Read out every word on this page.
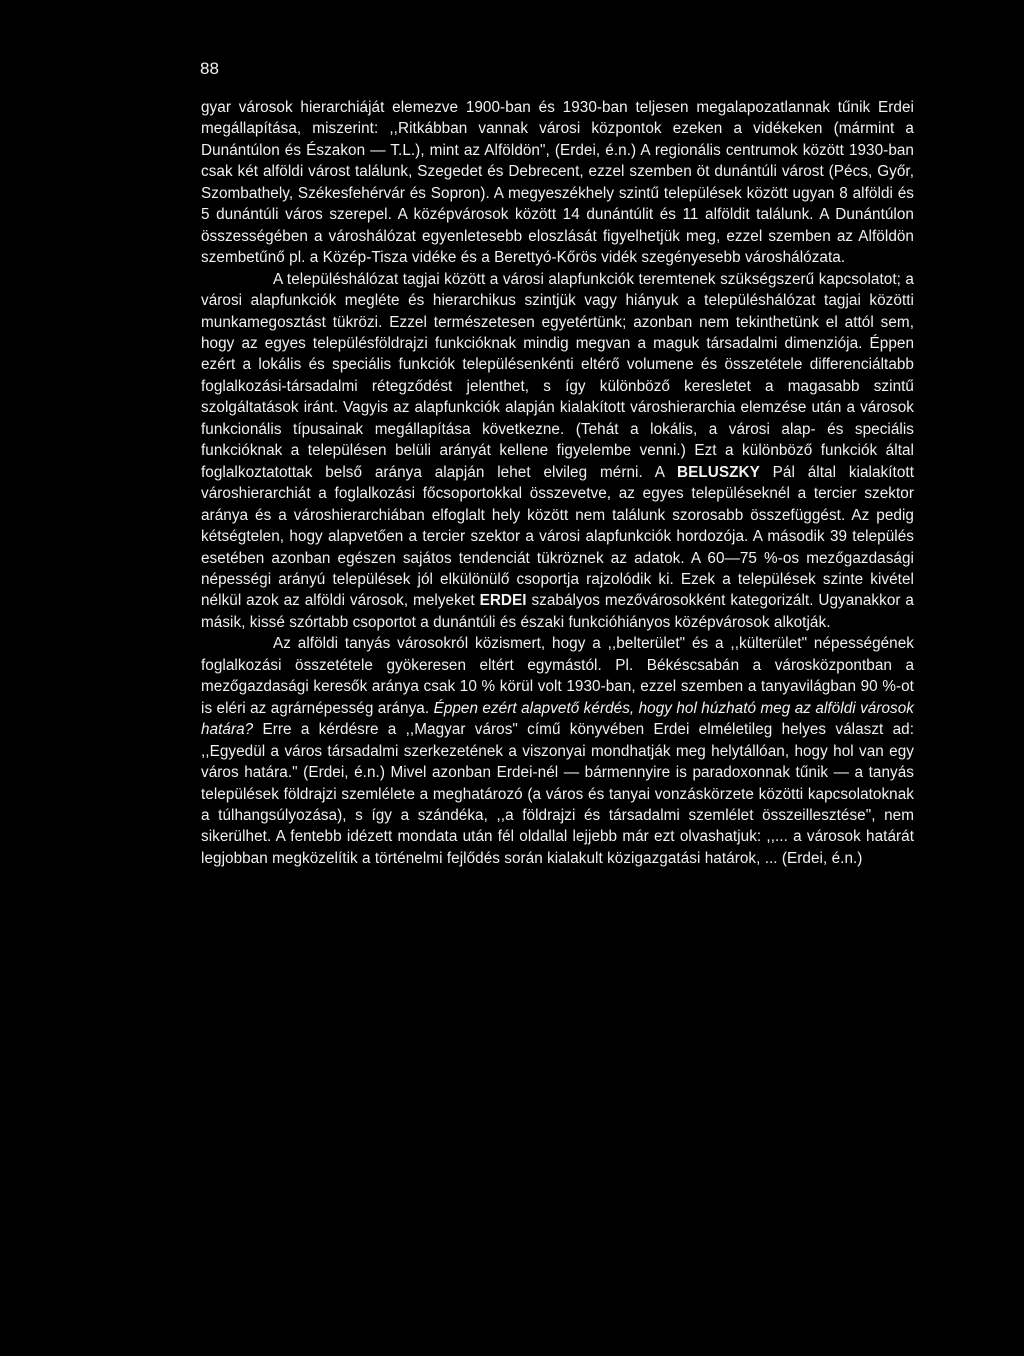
88

gyar városok hierarchiáját elemezve 1900-ban és 1930-ban teljesen megalapozatlannak tűnik Erdei megállapítása, miszerint: ,,Ritkábban vannak városi központok ezeken a vidékeken (mármint a Dunántúlon és Északon — T.L.), mint az Alföldön", (Erdei, é.n.) A regionális centrumok között 1930-ban csak két alföldi várost találunk, Szegedet és Debrecent, ezzel szemben öt dunántúli várost (Pécs, Győr, Szombathely, Székesfehérvár és Sopron). A megyeszékhely szintű települések között ugyan 8 alföldi és 5 dunántúli város szerepel. A középvárosok között 14 dunántúlit és 11 alföldit találunk. A Dunántúlon összességében a városhálózat egyenletesebb eloszlását figyelhetjük meg, ezzel szemben az Alföldön szembetűnő pl. a Közép-Tisza vidéke és a Berettyó-Kőrös vidék szegényesebb városhálózata.

A településhálózat tagjai között a városi alapfunkciók teremtenek szükségszerű kapcsolatot; a városi alapfunkciók megléte és hierarchikus szintjük vagy hiányuk a településhálózat tagjai közötti munkamegosztást tükrözi. Ezzel természetesen egyetértünk; azonban nem tekinthetünk el attól sem, hogy az egyes településföldrajzi funkcióknak mindig megvan a maguk társadalmi dimenziója. Éppen ezért a lokális és speciális funkciók településenkénti eltérő volumene és összetétele differenciáltabb foglalkozási-társadalmi rétegződést jelenthet, s így különböző keresletet a magasabb szintű szolgáltatások iránt. Vagyis az alapfunkciók alapján kialakított városhierarchia elemzése után a városok funkcionális típusainak megállapítása következne. (Tehát a lokális, a városi alap- és speciális funkcióknak a településen belüli arányát kellene figyelembe venni.) Ezt a különböző funkciók által foglalkoztatottak belső aránya alapján lehet elvileg mérni. A BELUSZKY Pál által kialakított városhierarchiát a foglalkozási főcsoportokkal összevetve, az egyes településeknél a tercier szektor aránya és a városhierarchiában elfoglalt hely között nem találunk szorosabb összefüggést. Az pedig kétségtelen, hogy alapvetően a tercier szektor a városi alapfunkciók hordozója. A második 39 település esetében azonban egészen sajátos tendenciát tükröznek az adatok. A 60—75 %-os mezőgazdasági népességi arányú települések jól elkülönülő csoportja rajzolódik ki. Ezek a települések szinte kivétel nélkül azok az alföldi városok, melyeket ERDEI szabályos mezővárosokként kategorizált. Ugyanakkor a másik, kissé szórtabb csoportot a dunántúli és északi funkcióhiányos középvárosok alkotják.

Az alföldi tanyás városokról közismert, hogy a ,,belterület" és a ,,külterület" népességének foglalkozási összetétele gyökeresen eltért egymástól. Pl. Békéscsabán a városközpontban a mezőgazdasági keresők aránya csak 10 % körül volt 1930-ban, ezzel szemben a tanyavilágban 90 %-ot is eléri az agrárnépesség aránya. Éppen ezért alapvető kérdés, hogy hol húzható meg az alföldi városok határa? Erre a kérdésre a ,,Magyar város" című könyvében Erdei elméletileg helyes választ ad: ,,Egyedül a város társadalmi szerkezetének a viszonyai mondhatják meg helytállóan, hogy hol van egy város határa." (Erdei, é.n.) Mivel azonban Erdei-nél — bármennyire is paradoxonnak tűnik — a tanyás települések földrajzi szemlélete a meghatározó (a város és tanyai vonzáskörzete közötti kapcsolatoknak a túlhangsúlyozása), s így a szándéka, ,,a földrajzi és társadalmi szemlélet összeillesztése", nem sikerülhet. A fentebb idézett mondata után fél oldallal lejjebb már ezt olvashatjuk: ,,... a városok határát legjobban megközelítik a történelmi fejlődés során kialakult közigazgatási határok, ... (Erdei, é.n.)
